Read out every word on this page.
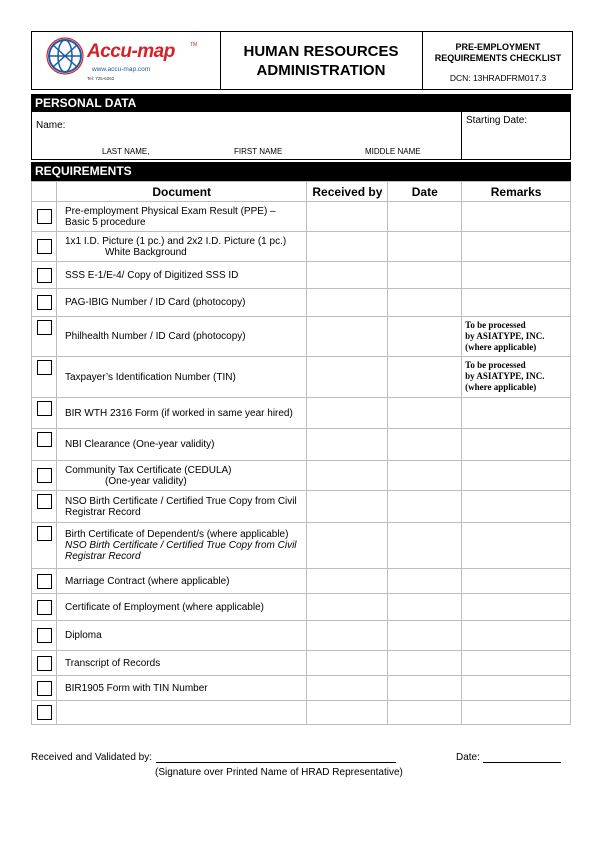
Accu-map	TM
www.accu-map.com
Tel: 725-6262
HUMAN RESOURCES
ADMINISTRATION
PRE-EMPLOYMENT
REQUIREMENTS CHECKLIST
DCN: 13HRADFRM017.3
PERSONAL DATA
Name:	Starting Date:
LAST NAME,	FIRST NAME	MIDDLE NAME
REQUIREMENTS
	Document	Received by	Date	Remarks

	Pre-employment Physical Exam Result (PPE) –
Basic 5 procedure			

	1x1 I.D. Picture (1 pc.) and 2x2 I.D. Picture (1 pc.)
White Background			

	SSS E-1/E-4/ Copy of Digitized SSS ID			

	PAG-IBIG Number / ID Card (photocopy)			

	Philhealth Number / ID Card (photocopy)			To be processed
by ASIATYPE, INC.
(where applicable)

	Taxpayer’s Identification Number (TIN)			To be processed
by ASIATYPE, INC.
(where applicable)

	BIR WTH 2316 Form (if worked in same year hired)			

	NBI Clearance (One-year validity)			

	Community Tax Certificate (CEDULA)
(One-year validity)			

	NSO Birth Certificate / Certified True Copy from Civil
Registrar Record			

	Birth Certificate of Dependent/s (where applicable)
NSO Birth Certificate / Certified True Copy from Civil
Registrar Record			

	Marriage Contract (where applicable)			

	Certificate of Employment (where applicable)			

	Diploma			

	Transcript of Records			

	BIR1905 Form with TIN Number			

Received and Validated by:
(Signature over Printed Name of HRAD Representative)
Date:
